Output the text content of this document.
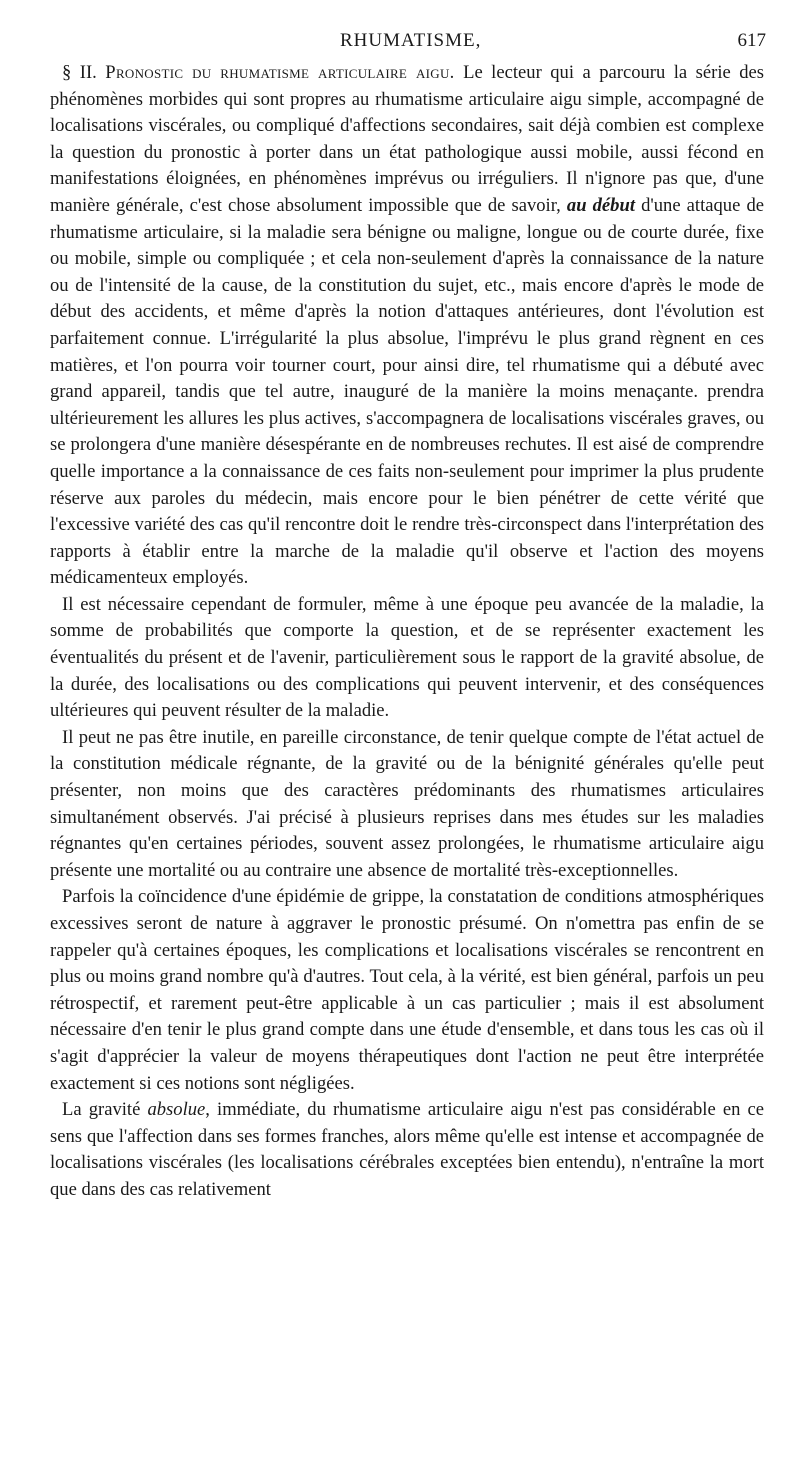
RHUMATISME,	617

§ II. Pronostic du rhumatisme articulaire aigu. Le lecteur qui a parcouru la série des phénomènes morbides qui sont propres au rhumatisme articulaire aigu simple, accompagné de localisations viscérales, ou compliqué d'affections secondaires, sait déjà combien est complexe la question du pronostic à porter dans un état pathologique aussi mobile, aussi fécond en manifestations éloignées, en phénomènes imprévus ou irréguliers. Il n'ignore pas que, d'une manière générale, c'est chose absolument impossible que de savoir, au début d'une attaque de rhumatisme articulaire, si la maladie sera bénigne ou maligne, longue ou de courte durée, fixe ou mobile, simple ou compliquée ; et cela non-seulement d'après la connaissance de la nature ou de l'intensité de la cause, de la constitution du sujet, etc., mais encore d'après le mode de début des accidents, et même d'après la notion d'attaques antérieures, dont l'évolution est parfaitement connue. L'irrégularité la plus absolue, l'imprévu le plus grand règnent en ces matières, et l'on pourra voir tourner court, pour ainsi dire, tel rhumatisme qui a débuté avec grand appareil, tandis que tel autre, inauguré de la manière la moins menaçante. prendra ultérieurement les allures les plus actives, s'accompagnera de localisations viscérales graves, ou se prolongera d'une manière désespérante en de nombreuses rechutes. Il est aisé de comprendre quelle importance a la connaissance de ces faits non-seulement pour imprimer la plus prudente réserve aux paroles du médecin, mais encore pour le bien pénétrer de cette vérité que l'excessive variété des cas qu'il rencontre doit le rendre très-circonspect dans l'interprétation des rapports à établir entre la marche de la maladie qu'il observe et l'action des moyens médicamenteux employés.

Il est nécessaire cependant de formuler, même à une époque peu avancée de la maladie, la somme de probabilités que comporte la question, et de se représenter exactement les éventualités du présent et de l'avenir, particulièrement sous le rapport de la gravité absolue, de la durée, des localisations ou des complications qui peuvent intervenir, et des conséquences ultérieures qui peuvent résulter de la maladie.

Il peut ne pas être inutile, en pareille circonstance, de tenir quelque compte de l'état actuel de la constitution médicale régnante, de la gravité ou de la bénignité générales qu'elle peut présenter, non moins que des caractères prédominants des rhumatismes articulaires simultanément observés. J'ai précisé à plusieurs reprises dans mes études sur les maladies régnantes qu'en certaines périodes, souvent assez prolongées, le rhumatisme articulaire aigu présente une mortalité ou au contraire une absence de mortalité très-exceptionnelles.

Parfois la coïncidence d'une épidémie de grippe, la constatation de conditions atmosphériques excessives seront de nature à aggraver le pronostic présumé. On n'omettra pas enfin de se rappeler qu'à certaines époques, les complications et localisations viscérales se rencontrent en plus ou moins grand nombre qu'à d'autres. Tout cela, à la vérité, est bien général, parfois un peu rétrospectif, et rarement peut-être applicable à un cas particulier ; mais il est absolument nécessaire d'en tenir le plus grand compte dans une étude d'ensemble, et dans tous les cas où il s'agit d'apprécier la valeur de moyens thérapeutiques dont l'action ne peut être interprétée exactement si ces notions sont négligées.

La gravité absolue, immédiate, du rhumatisme articulaire aigu n'est pas considérable en ce sens que l'affection dans ses formes franches, alors même qu'elle est intense et accompagnée de localisations viscérales (les localisations cérébrales exceptées bien entendu), n'entraîne la mort que dans des cas relativement
